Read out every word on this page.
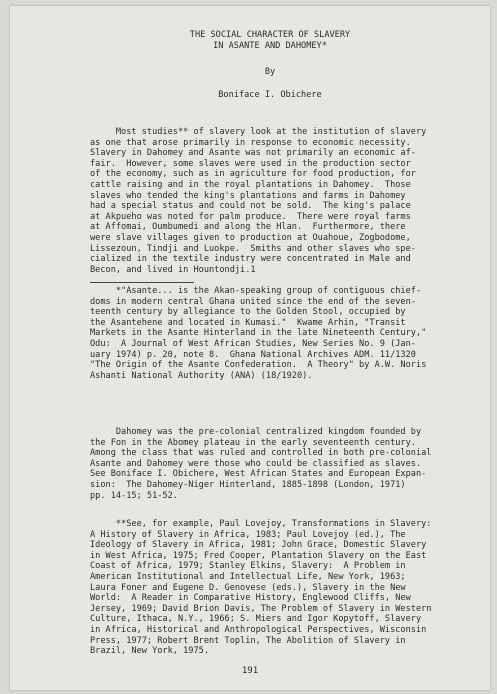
THE SOCIAL CHARACTER OF SLAVERY
IN ASANTE AND DAHOMEY*
By
Boniface I. Obichere
Most studies** of slavery look at the institution of slavery
as one that arose primarily in response to economic necessity.
Slavery in Dahomey and Asante was not primarily an economic af-
fair.  However, some slaves were used in the production sector
of the economy, such as in agriculture for food production, for
cattle raising and in the royal plantations in Dahomey.  Those
slaves who tended the king's plantations and farms in Dahomey
had a special status and could not be sold.  The king's palace
at Akpueho was noted for palm produce.  There were royal farms
at Affomai, Oumbumedi and along the Hlan.  Furthermore, there
were slave villages given to production at Ouahoue, Zogbodome,
Lissezoun, Tindji and Luokpe.  Smiths and other slaves who spe-
cialized in the textile industry were concentrated in Male and
Becon, and lived in Hountondji.1
*"Asante... is the Akan-speaking group of contiguous chief-
doms in modern central Ghana united since the end of the seven-
teenth century by allegiance to the Golden Stool, occupied by
the Asantehene and located in Kumasi."  Kwame Arhin, "Transit
Markets in the Asante Hinterland in the late Nineteenth Century,"
Odu:  A Journal of West African Studies, New Series No. 9 (Jan-
uary 1974) p. 20, note 8.  Ghana National Archives ADM. 11/1320
"The Origin of the Asante Confederation.  A Theory" by A.W. Noris
Ashanti National Authority (ANA) (18/1920).
Dahomey was the pre-colonial centralized kingdom founded by
the Fon in the Abomey plateau in the early seventeenth century.
Among the class that was ruled and controlled in both pre-colonial
Asante and Dahomey were those who could be classified as slaves.
See Boniface I. Obichere, West African States and European Expan-
sion:  The Dahomey-Niger Hinterland, 1885-1898 (London, 1971)
pp. 14-15; 51-52.
**See, for example, Paul Lovejoy, Transformations in Slavery:
A History of Slavery in Africa, 1983; Paul Lovejoy (ed.), The
Ideology of Slavery in Africa, 1981; John Grace, Domestic Slavery
in West Africa, 1975; Fred Cooper, Plantation Slavery on the East
Coast of Africa, 1979; Stanley Elkins, Slavery:  A Problem in
American Institutional and Intellectual Life, New York, 1963;
Laura Foner and Eugene D. Genovese (eds.), Slavery in the New
World:  A Reader in Comparative History, Englewood Cliffs, New
Jersey, 1969; David Brion Davis, The Problem of Slavery in Western
Culture, Ithaca, N.Y., 1966; S. Miers and Igor Kopytoff, Slavery
in Africa, Historical and Anthropological Perspectives, Wisconsin
Press, 1977; Robert Brent Toplin, The Abolition of Slavery in
Brazil, New York, 1975.
191
